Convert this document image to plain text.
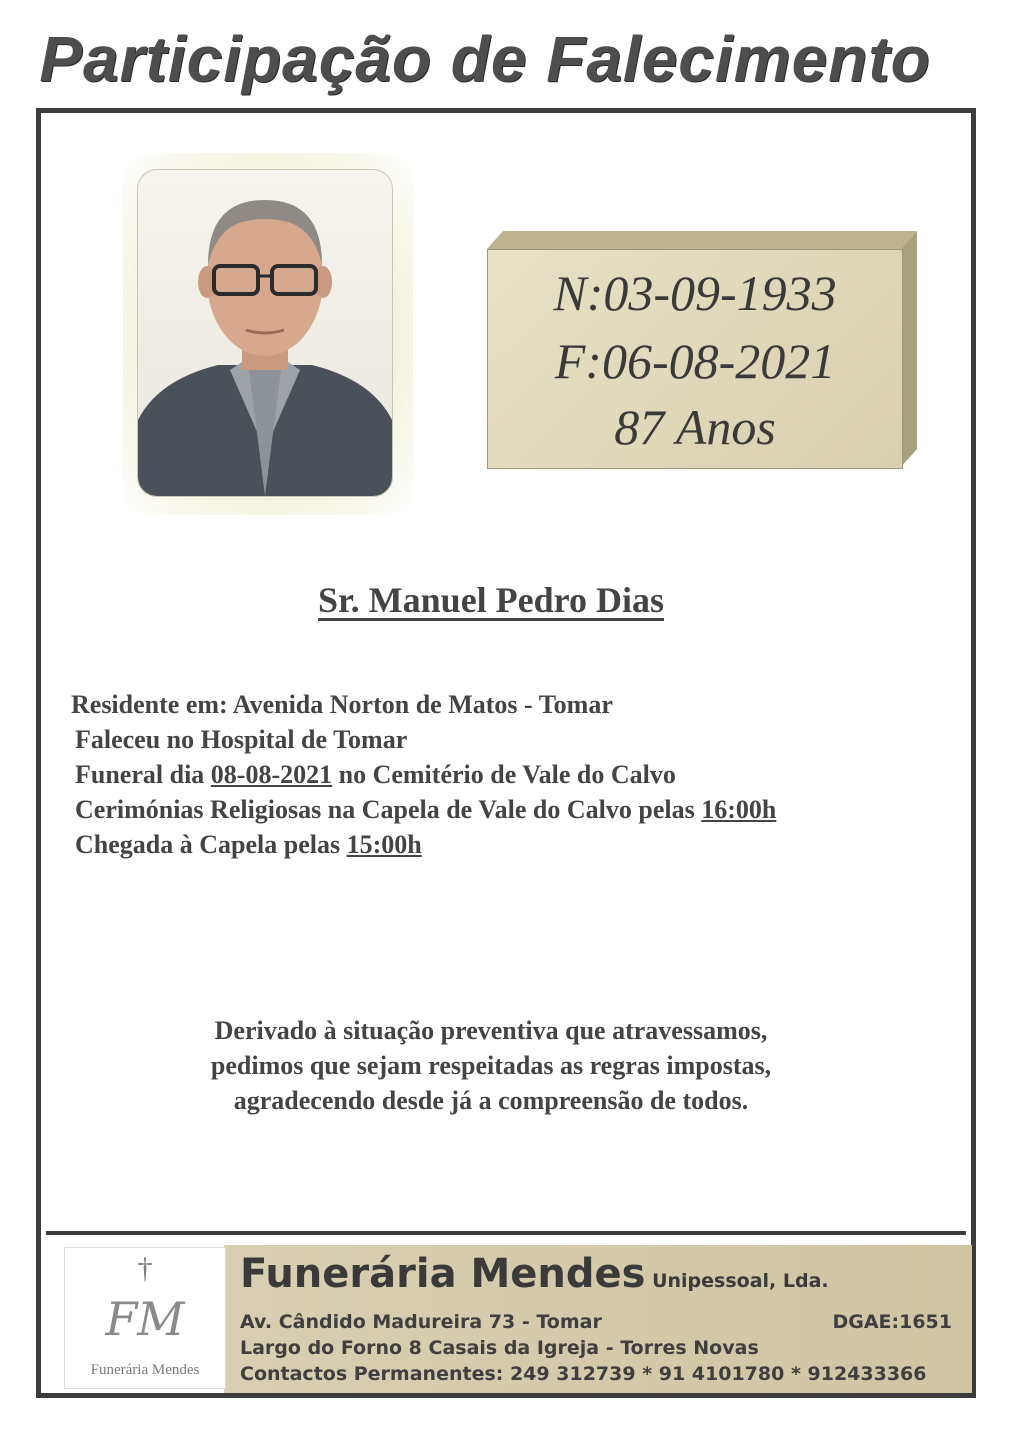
Participação de Falecimento

N:03-09-1933

F:06-08-2021

87 Anos

Sr. Manuel Pedro Dias

Residente em: Avenida Norton de Matos - Tomar
Faleceu no Hospital de Tomar
Funeral dia 08-08-2021 no Cemitério de Vale do Calvo
Cerimónias Religiosas na Capela de Vale do Calvo pelas 16:00h
Chegada à Capela pelas 15:00h
Derivado à situação preventiva que atravessamos,
pedimos que sejam respeitadas as regras impostas,
agradecendo desde já a compreensão de todos.
†
FM
Funerária Mendes
Funerária Mendes Unipessoal, Lda.
Av. Cândido Madureira 73 - Tomar	DGAE:1651
Largo do Forno 8 Casais da Igreja - Torres Novas
Contactos Permanentes: 249 312739 * 91 4101780 * 912433366
